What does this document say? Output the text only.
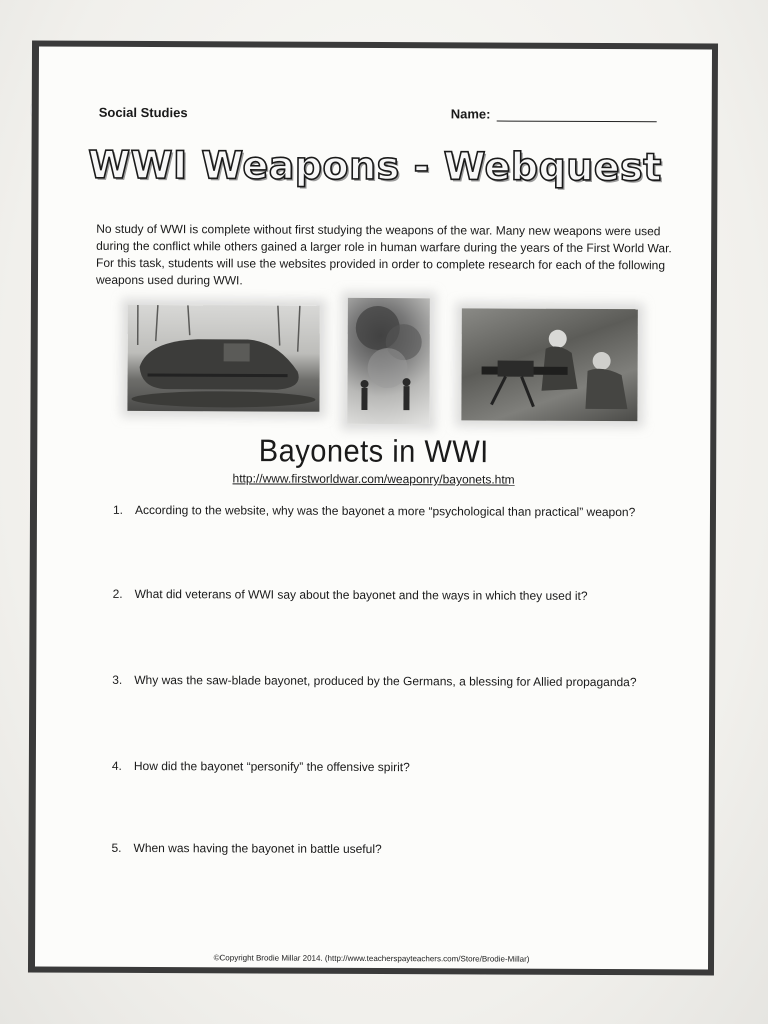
Social Studies	Name:
WWI Weapons - Webquest
No study of WWI is complete without first studying the weapons of the war. Many new weapons were used during the conflict while others gained a larger role in human warfare during the years of the First World War. For this task, students will use the websites provided in order to complete research for each of the following weapons used during WWI.
Bayonets in WWI
http://www.firstworldwar.com/weaponry/bayonets.htm
1. According to the website, why was the bayonet a more “psychological than practical” weapon?
2. What did veterans of WWI say about the bayonet and the ways in which they used it?
3. Why was the saw-blade bayonet, produced by the Germans, a blessing for Allied propaganda?
4. How did the bayonet “personify” the offensive spirit?
5. When was having the bayonet in battle useful?
©Copyright Brodie Millar 2014. (http://www.teacherspayteachers.com/Store/Brodie-Millar)
